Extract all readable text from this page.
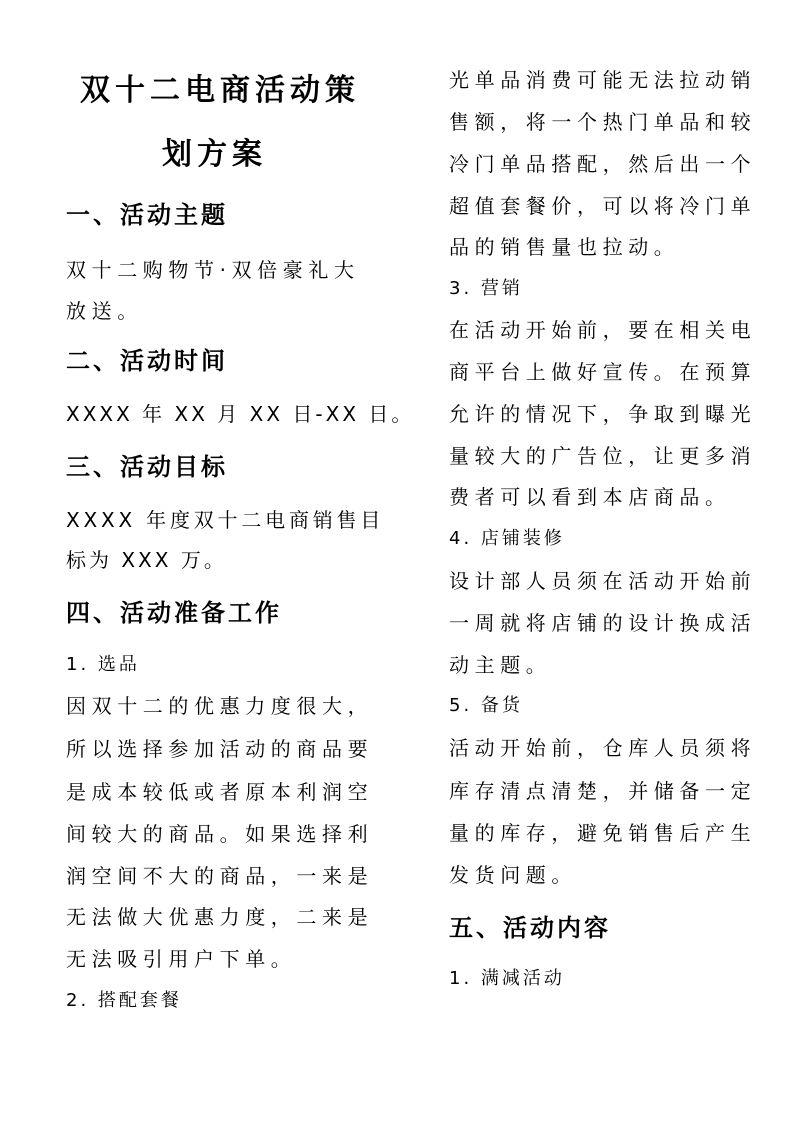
双十二电商活动策
划方案
一、活动主题
双十二购物节·双倍豪礼大
放送。
二、活动时间
XXXX 年 XX 月 XX 日-XX 日。
三、活动目标
XXXX 年度双十二电商销售目
标为 XXX 万。
四、活动准备工作
1. 选品
因双十二的优惠力度很大，
所以选择参加活动的商品要
是成本较低或者原本利润空
间较大的商品。如果选择利
润空间不大的商品，一来是
无法做大优惠力度，二来是
无法吸引用户下单。
2. 搭配套餐
光单品消费可能无法拉动销
售额，将一个热门单品和较
冷门单品搭配，然后出一个
超值套餐价，可以将冷门单
品的销售量也拉动。
3. 营销
在活动开始前，要在相关电
商平台上做好宣传。在预算
允许的情况下，争取到曝光
量较大的广告位，让更多消
费者可以看到本店商品。
4. 店铺装修
设计部人员须在活动开始前
一周就将店铺的设计换成活
动主题。
5. 备货
活动开始前，仓库人员须将
库存清点清楚，并储备一定
量的库存，避免销售后产生
发货问题。
五、活动内容
1. 满减活动
